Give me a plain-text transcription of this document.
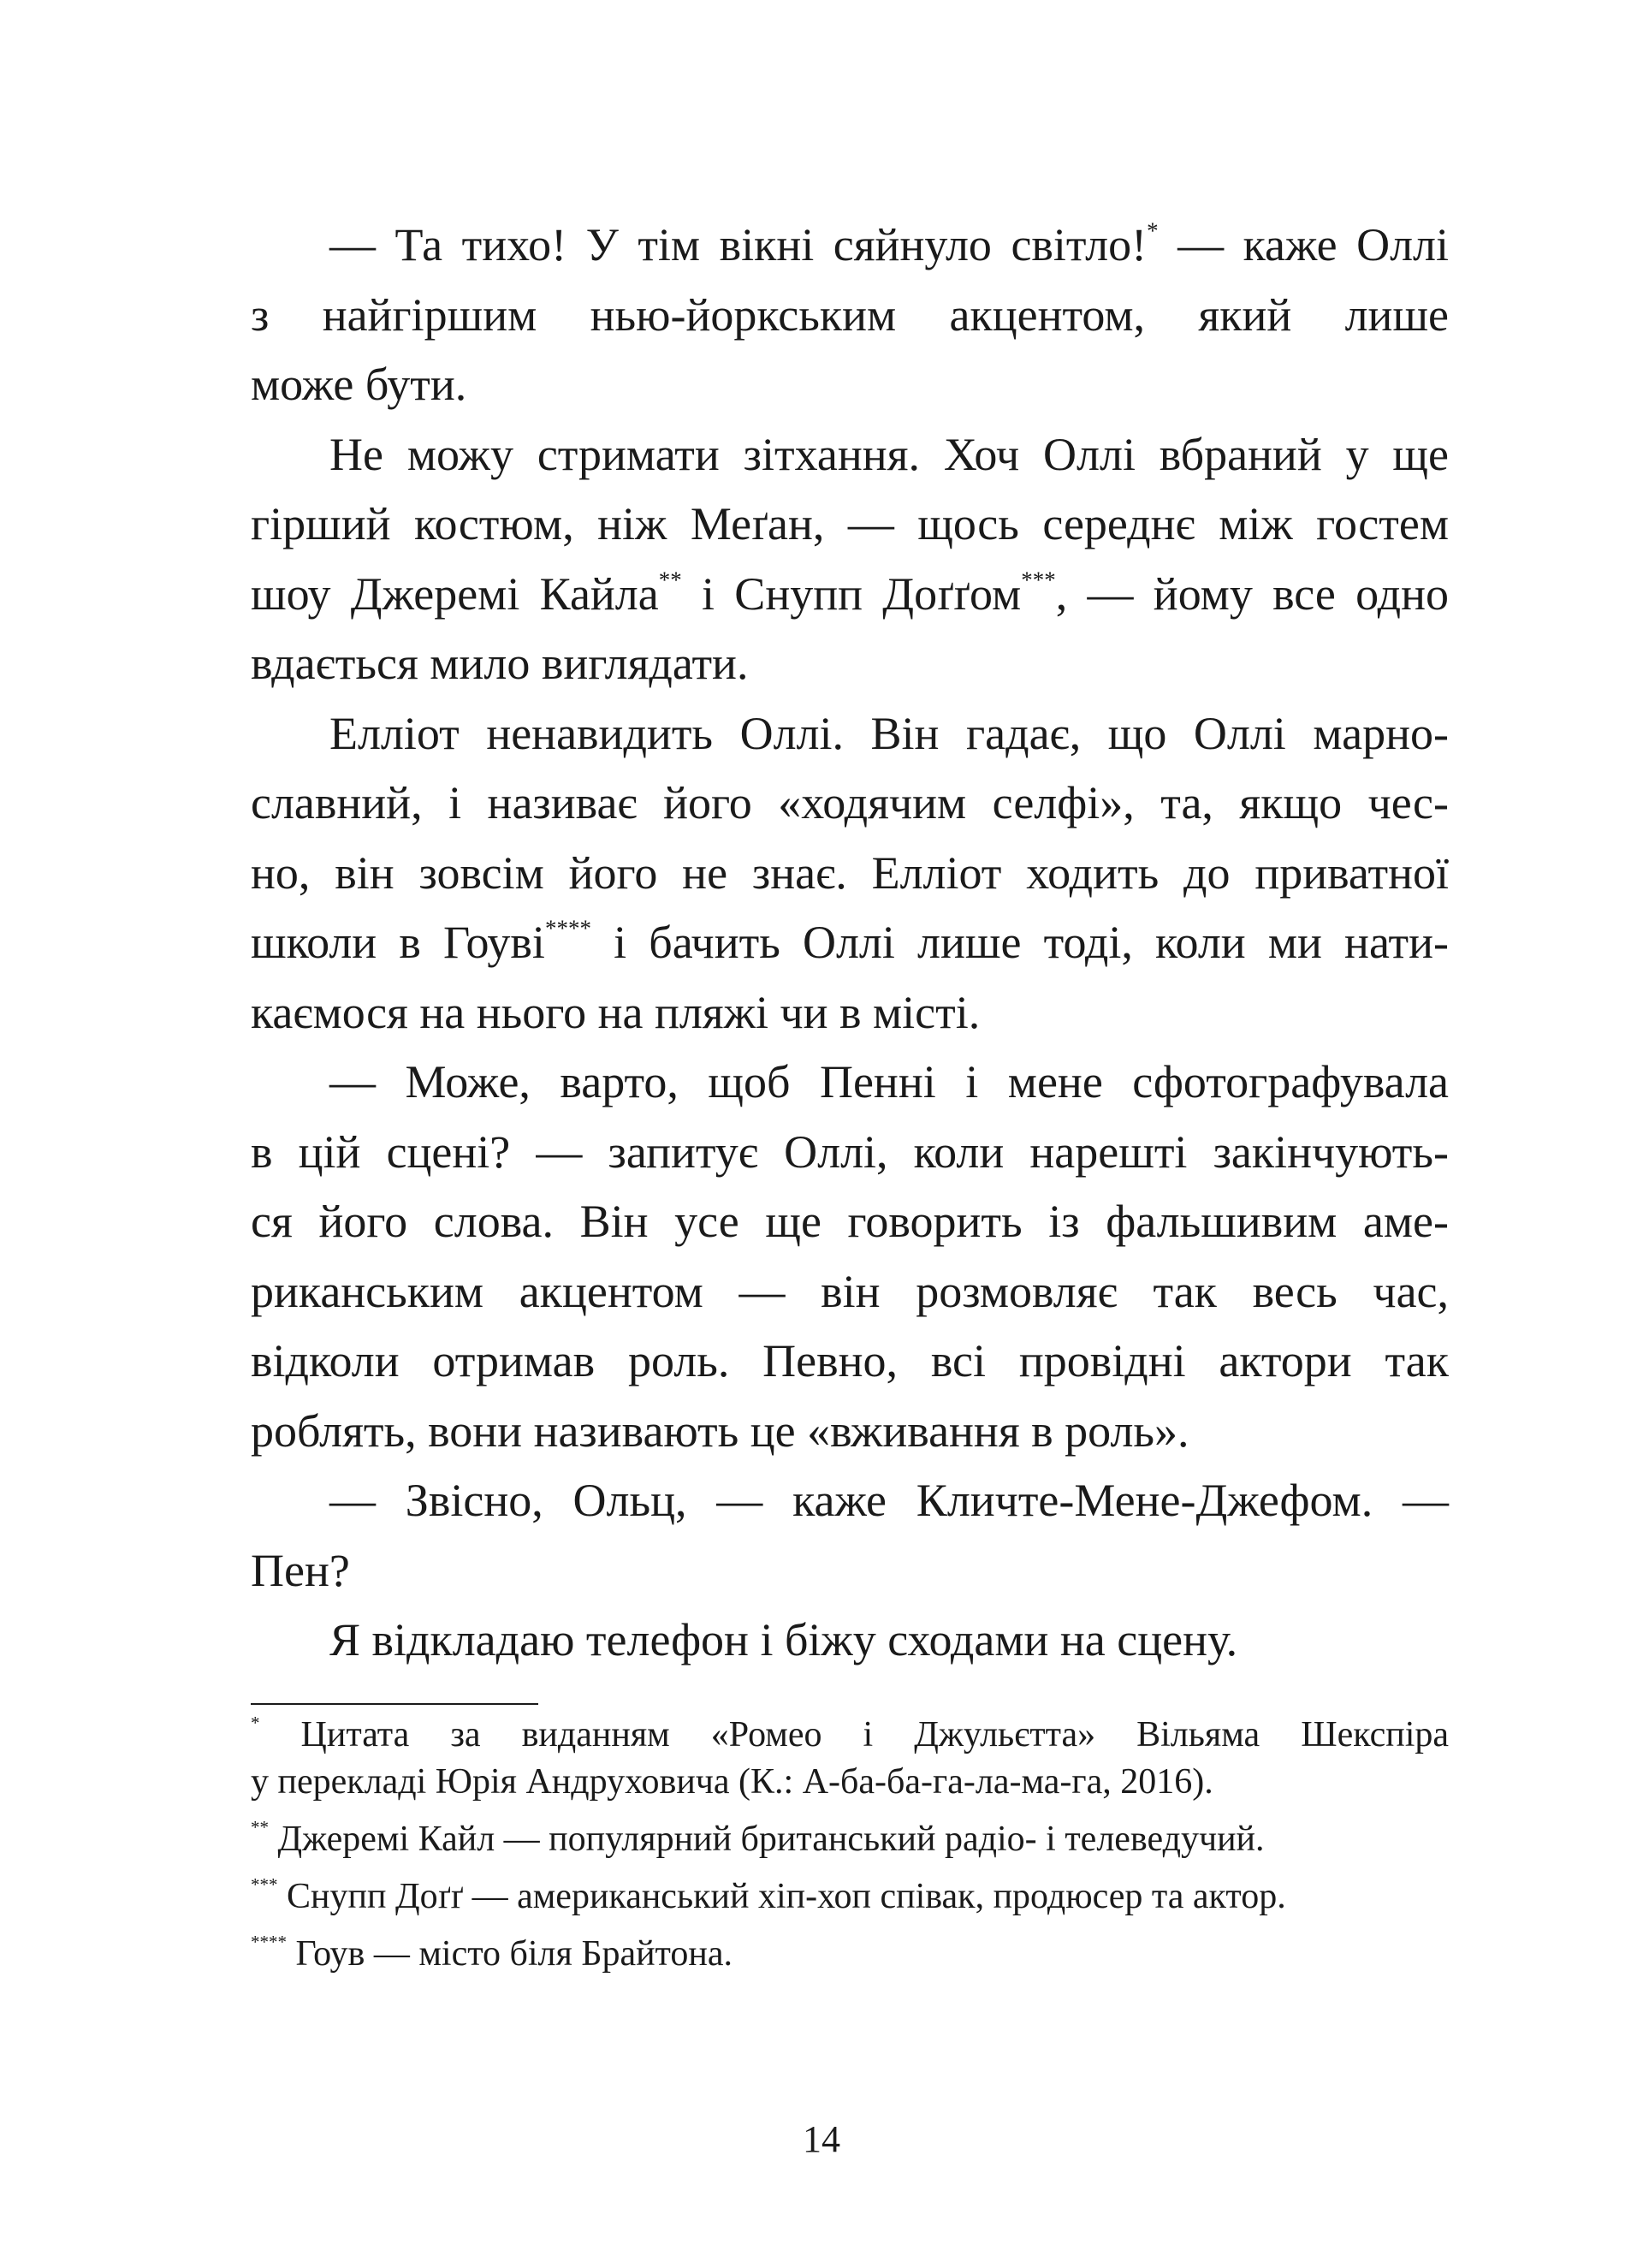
— Та тихо! У тім вікні сяйнуло світло!* — каже Оллі
з найгіршим нью-йоркським акцентом, який лише
може бути.
Не можу стримати зітхання. Хоч Оллі вбраний у ще
гірший костюм, ніж Меґан, — щось середнє між гостем
шоу Джеремі Кайла** і Снупп Доґґом***, — йому все одно
вдається мило виглядати.
Елліот ненавидить Оллі. Він гадає, що Оллі марно-
славний, і називає його «ходячим селфі», та, якщо чес-
но, він зовсім його не знає. Елліот ходить до приватної
школи в Гоуві**** і бачить Оллі лише тоді, коли ми нати-
каємося на нього на пляжі чи в місті.
— Може, варто, щоб Пенні і мене сфотографувала
в цій сцені? — запитує Оллі, коли нарешті закінчують-
ся його слова. Він усе ще говорить із фальшивим аме-
риканським акцентом — він розмовляє так весь час,
відколи отримав роль. Певно, всі провідні актори так
роблять, вони називають це «вживання в роль».
— Звісно, Ольц, — каже Кличте-Мене-Джефом. —
Пен?
Я відкладаю телефон і біжу сходами на сцену.
* Цитата за виданням «Ромео і Джульєтта» Вільяма Шекспіра
у перекладі Юрія Андруховича (К.: А-ба-ба-га-ла-ма-га, 2016).
** Джеремі Кайл — популярний британський радіо- і телеведучий.
*** Снупп Доґґ — американський хіп-хоп співак, продюсер та актор.
**** Гоув — місто біля Брайтона.
14
